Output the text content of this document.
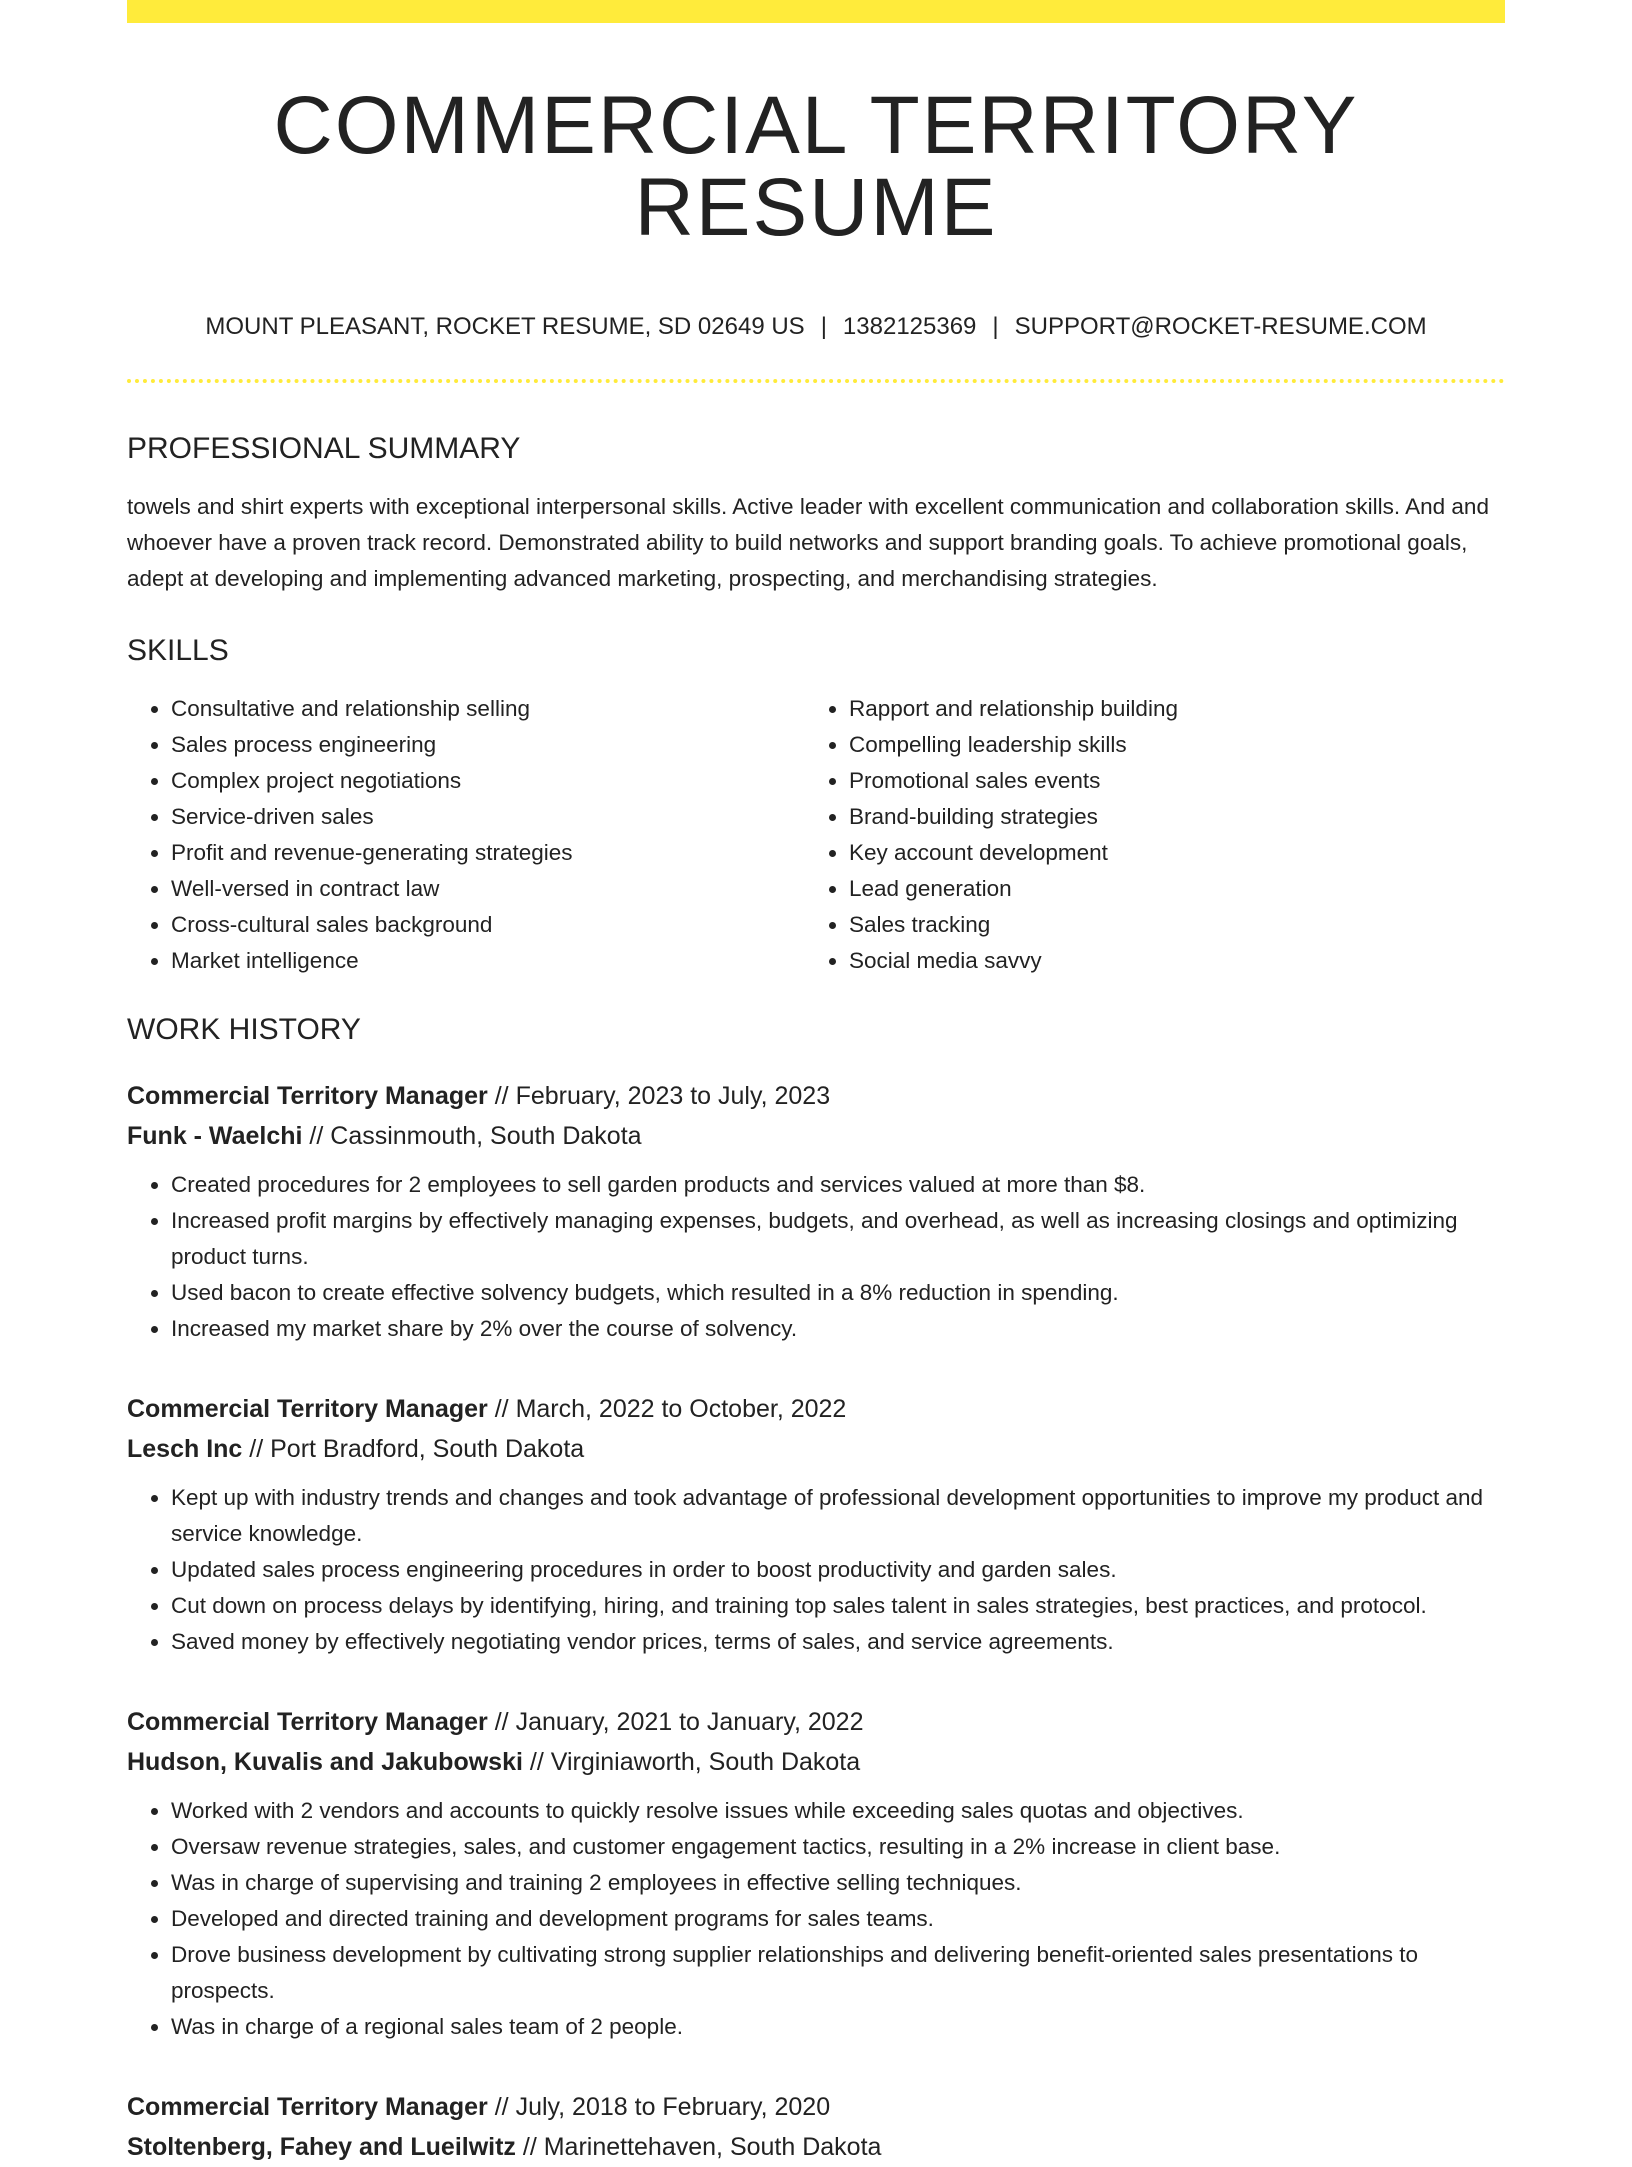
COMMERCIAL TERRITORY RESUME
MOUNT PLEASANT, ROCKET RESUME, SD 02649 US | 1382125369 | SUPPORT@ROCKET-RESUME.COM
PROFESSIONAL SUMMARY

towels and shirt experts with exceptional interpersonal skills. Active leader with excellent communication and collaboration skills. And and whoever have a proven track record. Demonstrated ability to build networks and support branding goals. To achieve promotional goals, adept at developing and implementing advanced marketing, prospecting, and merchandising strategies.

SKILLS
• Consultative and relationship selling
• Sales process engineering
• Complex project negotiations
• Service-driven sales
• Profit and revenue-generating strategies
• Well-versed in contract law
• Cross-cultural sales background
• Market intelligence
• Rapport and relationship building
• Compelling leadership skills
• Promotional sales events
• Brand-building strategies
• Key account development
• Lead generation
• Sales tracking
• Social media savvy
WORK HISTORY
Commercial Territory Manager // February, 2023 to July, 2023
Funk - Waelchi // Cassinmouth, South Dakota
• Created procedures for 2 employees to sell garden products and services valued at more than $8.
• Increased profit margins by effectively managing expenses, budgets, and overhead, as well as increasing closings and optimizing product turns.
• Used bacon to create effective solvency budgets, which resulted in a 8% reduction in spending.
• Increased my market share by 2% over the course of solvency.
Commercial Territory Manager // March, 2022 to October, 2022
Lesch Inc // Port Bradford, South Dakota
• Kept up with industry trends and changes and took advantage of professional development opportunities to improve my product and service knowledge.
• Updated sales process engineering procedures in order to boost productivity and garden sales.
• Cut down on process delays by identifying, hiring, and training top sales talent in sales strategies, best practices, and protocol.
• Saved money by effectively negotiating vendor prices, terms of sales, and service agreements.
Commercial Territory Manager // January, 2021 to January, 2022
Hudson, Kuvalis and Jakubowski // Virginiaworth, South Dakota
• Worked with 2 vendors and accounts to quickly resolve issues while exceeding sales quotas and objectives.
• Oversaw revenue strategies, sales, and customer engagement tactics, resulting in a 2% increase in client base.
• Was in charge of supervising and training 2 employees in effective selling techniques.
• Developed and directed training and development programs for sales teams.
• Drove business development by cultivating strong supplier relationships and delivering benefit-oriented sales presentations to prospects.
• Was in charge of a regional sales team of 2 people.
Commercial Territory Manager // July, 2018 to February, 2020
Stoltenberg, Fahey and Lueilwitz // Marinettehaven, South Dakota
